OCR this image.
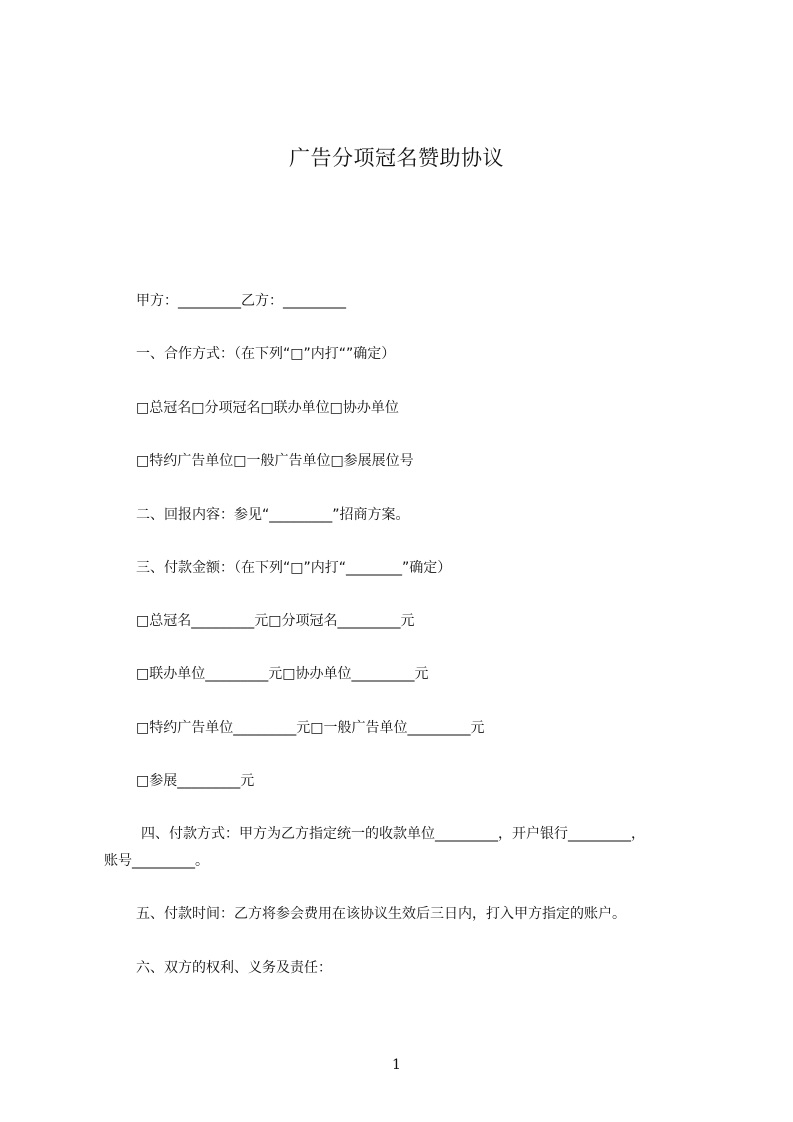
广告分项冠名赞助协议
甲方：_________乙方：_________
一、合作方式：（在下列“□”内打“”确定）
□总冠名□分项冠名□联办单位□协办单位
□特约广告单位□一般广告单位□参展展位号
二、回报内容：参见“_________”招商方案。
三、付款金额：（在下列“□”内打“________”确定）
□总冠名_________元□分项冠名_________元
□联办单位_________元□协办单位_________元
□特约广告单位_________元□一般广告单位_________元
□参展_________元
四、付款方式：甲方为乙方指定统一的收款单位_________，开户银行_________，
账号_________。
五、付款时间：乙方将参会费用在该协议生效后三日内，打入甲方指定的账户。
六、双方的权利、义务及责任：
1
